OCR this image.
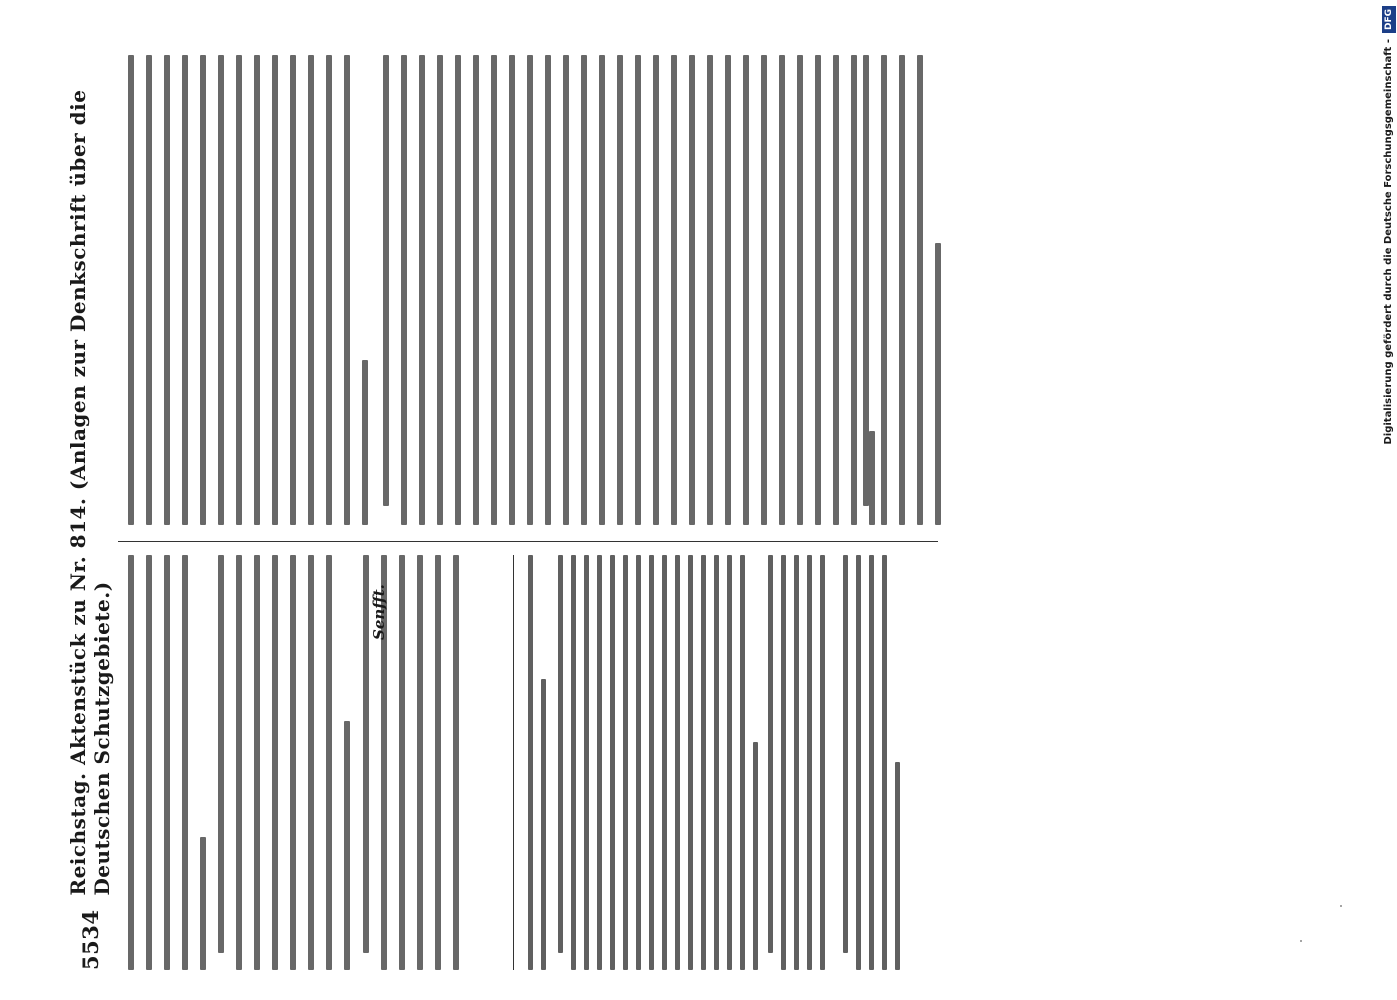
5534
Reichstag. Aktenstück zu Nr. 814. (Anlagen zur Denkschrift über die Deutschen Schutzgebiete.)	Senfft.
Digitalisierung gefördert durch die Deutsche Forschungsgemeinschaft -
DFG
